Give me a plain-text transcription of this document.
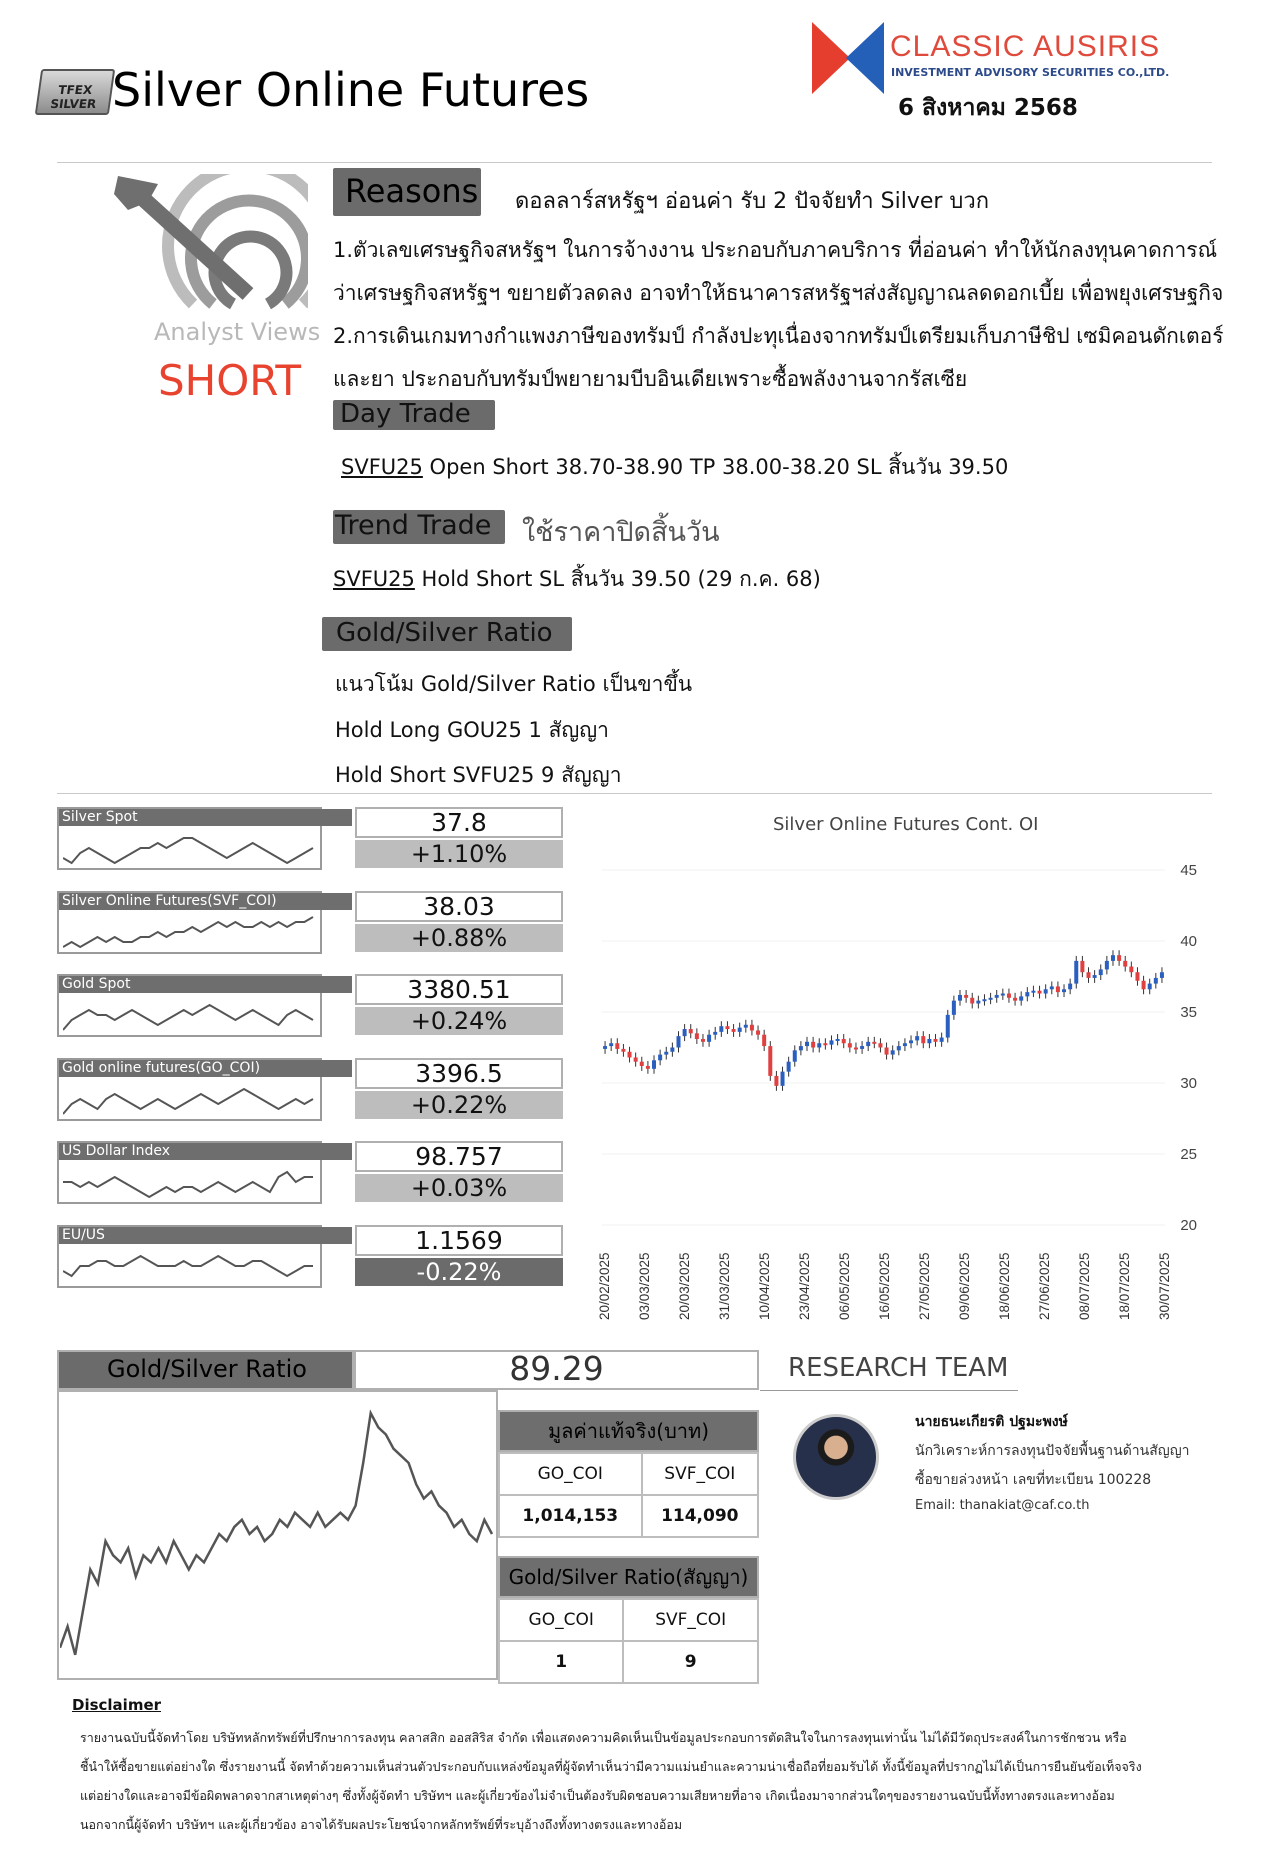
TFEX SILVER Silver Online Futures
CLASSIC AUSIRIS
INVESTMENT ADVISORY SECURITIES CO.,LTD.
6 สิงหาคม 2568
Analyst Views
SHORT
Reasons ดอลลาร์สหรัฐฯ อ่อนค่า รับ 2 ปัจจัยทำ Silver บวก
1.ตัวเลขเศรษฐกิจสหรัฐฯ ในการจ้างงาน ประกอบกับภาคบริการ ที่อ่อนค่า ทำให้นักลงทุนคาดการณ์
ว่าเศรษฐกิจสหรัฐฯ ขยายตัวลดลง อาจทำให้ธนาคารสหรัฐฯส่งสัญญาณลดดอกเบี้ย เพื่อพยุงเศรษฐกิจ
2.การเดินเกมทางกำแพงภาษีของทรัมป์ กำลังปะทุเนื่องจากทรัมป์เตรียมเก็บภาษีชิป เซมิคอนดักเตอร์
และยา ประกอบกับทรัมป์พยายามบีบอินเดียเพราะซื้อพลังงานจากรัสเซีย
Day Trade
SVFU25 Open Short 38.70-38.90 TP 38.00-38.20 SL สิ้นวัน 39.50
Trend Trade ใช้ราคาปิดสิ้นวัน
SVFU25 Hold Short SL สิ้นวัน 39.50 (29 ก.ค. 68)
Gold/Silver Ratio
แนวโน้ม Gold/Silver Ratio เป็นขาขึ้น
Hold Long GOU25 1 สัญญา
Hold Short SVFU25 9 สัญญา
Silver Spot	37.8
+1.10%
Silver Online Futures(SVF_COI)	38.03
+0.88%
Gold Spot	3380.51
+0.24%
Gold online futures(GO_COI)	3396.5
+0.22%
US Dollar Index	98.757
+0.03%
EU/US	1.1569
-0.22%
Silver Online Futures Cont. OI
45
40
35
30
25
20
20/02/2025 03/03/2025 20/03/2025 31/03/2025 10/04/2025 23/04/2025 06/05/2025 16/05/2025 27/05/2025 09/06/2025 18/06/2025 27/06/2025 08/07/2025 18/07/2025 30/07/2025
Gold/Silver Ratio	89.29
มูลค่าแท้จริง(บาท)
GO_COI	SVF_COI
1,014,153	114,090
Gold/Silver Ratio(สัญญา)
GO_COI	SVF_COI
1	9
RESEARCH TEAM
นายธนะเกียรติ ปฐมะพงษ์
นักวิเคราะห์การลงทุนปัจจัยพื้นฐานด้านสัญญา
ซื้อขายล่วงหน้า เลขที่ทะเบียน 100228
Email: thanakiat@caf.co.th
Disclaimer
รายงานฉบับนี้จัดทำโดย บริษัทหลักทรัพย์ที่ปรึกษาการลงทุน คลาสสิก ออสสิริส จำกัด เพื่อแสดงความคิดเห็นเป็นข้อมูลประกอบการตัดสินใจในการลงทุนเท่านั้น ไม่ได้มีวัตถุประสงค์ในการชักชวน หรือ
ชี้นำให้ซื้อขายแต่อย่างใด ซึ่งรายงานนี้ จัดทำด้วยความเห็นส่วนตัวประกอบกับแหล่งข้อมูลที่ผู้จัดทำเห็นว่ามีความแม่นยำและความน่าเชื่อถือที่ยอมรับได้ ทั้งนี้ข้อมูลที่ปรากฏไม่ได้เป็นการยืนยันข้อเท็จจริง
แต่อย่างใดและอาจมีข้อผิดพลาดจากสาเหตุต่างๆ ซึ่งทั้งผู้จัดทำ บริษัทฯ และผู้เกี่ยวข้องไม่จำเป็นต้องรับผิดชอบความเสียหายที่อาจ เกิดเนื่องมาจากส่วนใดๆของรายงานฉบับนี้ทั้งทางตรงและทางอ้อม
นอกจากนี้ผู้จัดทำ บริษัทฯ และผู้เกี่ยวข้อง อาจได้รับผลประโยชน์จากหลักทรัพย์ที่ระบุอ้างถึงทั้งทางตรงและทางอ้อม
